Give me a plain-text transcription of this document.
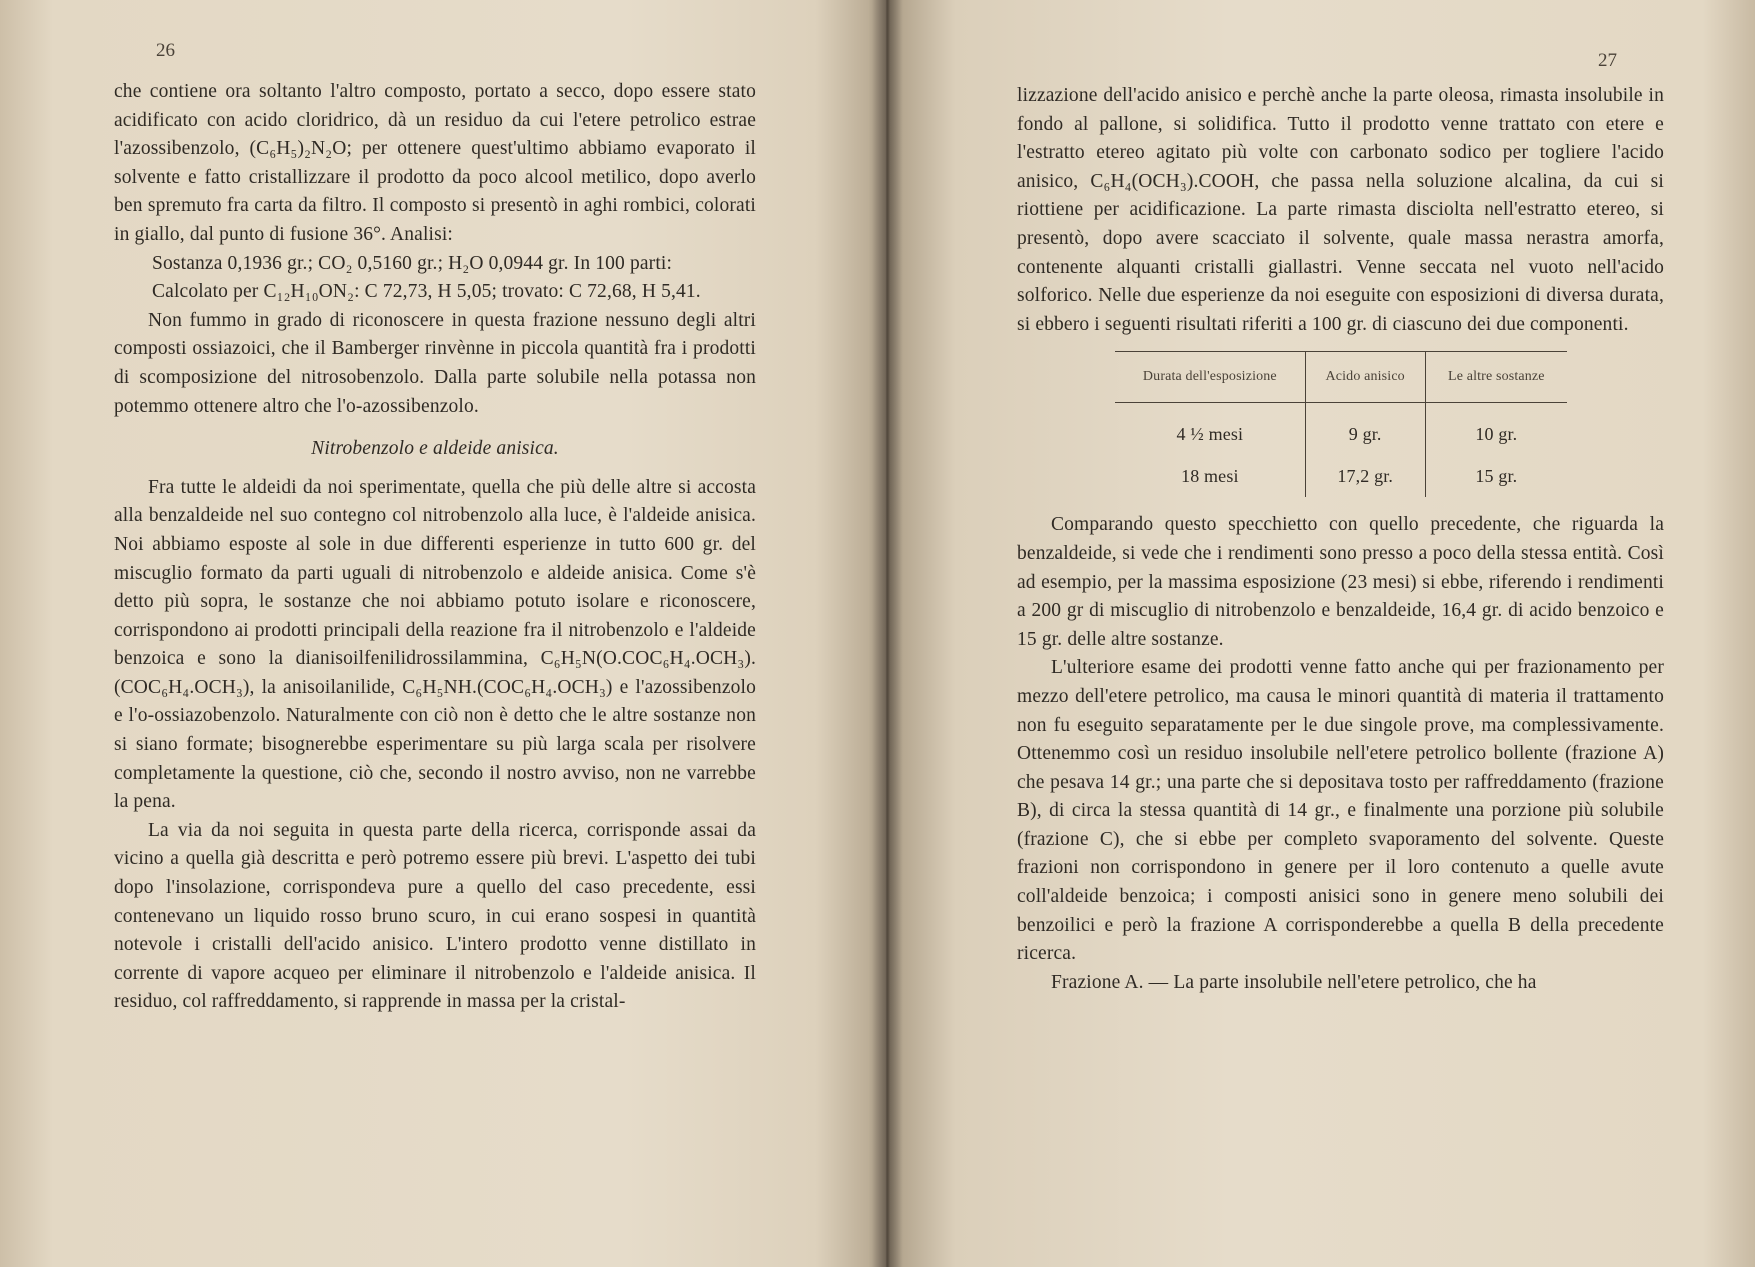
26

che contiene ora soltanto l'altro composto, portato a secco, dopo essere stato acidificato con acido cloridrico, dà un residuo da cui l'etere petrolico estrae l'azossibenzolo, (C₆H₅)₂N₂O; per ottenere quest'ultimo abbiamo evaporato il solvente e fatto cristallizzare il prodotto da poco alcool metilico, dopo averlo ben spremuto fra carta da filtro. Il composto si presentò in aghi rombici, colorati in giallo, dal punto di fusione 36°. Analisi:

Sostanza 0,1936 gr.; CO₂ 0,5160 gr.; H₂O 0,0944 gr. In 100 parti:

Calcolato per C₁₂H₁₀ON₂: C 72,73, H 5,05; trovato: C 72,68, H 5,41.

Non fummo in grado di riconoscere in questa frazione nessuno degli altri composti ossiazoici, che il Bamberger rinvènne in piccola quantità fra i prodotti di scomposizione del nitrosobenzolo. Dalla parte solubile nella potassa non potemmo ottenere altro che l'o-azossibenzolo.

Nitrobenzolo e aldeide anisica.

Fra tutte le aldeidi da noi sperimentate, quella che più delle altre si accosta alla benzaldeide nel suo contegno col nitrobenzolo alla luce, è l'aldeide anisica. Noi abbiamo esposte al sole in due differenti esperienze in tutto 600 gr. del miscuglio formato da parti uguali di nitrobenzolo e aldeide anisica. Come s'è detto più sopra, le sostanze che noi abbiamo potuto isolare e riconoscere, corrispondono ai prodotti principali della reazione fra il nitrobenzolo e l'aldeide benzoica e sono la dianisoilfenilidrossilammina, C₆H₅N(O.COC₆H₄.OCH₃).(COC₆H₄.OCH₃), la anisoilanilide, C₆H₅NH.(COC₆H₄.OCH₃) e l'azossibenzolo e l'o-ossiazobenzolo. Naturalmente con ciò non è detto che le altre sostanze non si siano formate; bisognerebbe esperimentare su più larga scala per risolvere completamente la questione, ciò che, secondo il nostro avviso, non ne varrebbe la pena.

La via da noi seguita in questa parte della ricerca, corrisponde assai da vicino a quella già descritta e però potremo essere più brevi. L'aspetto dei tubi dopo l'insolazione, corrispondeva pure a quello del caso precedente, essi contenevano un liquido rosso bruno scuro, in cui erano sospesi in quantità notevole i cristalli dell'acido anisico. L'intero prodotto venne distillato in corrente di vapore acqueo per eliminare il nitrobenzolo e l'aldeide anisica. Il residuo, col raffreddamento, si rapprende in massa per la cristal-

27

lizzazione dell'acido anisico e perchè anche la parte oleosa, rimasta insolubile in fondo al pallone, si solidifica. Tutto il prodotto venne trattato con etere e l'estratto etereo agitato più volte con carbonato sodico per togliere l'acido anisico, C₆H₄(OCH₃).COOH, che passa nella soluzione alcalina, da cui si riottiene per acidificazione. La parte rimasta disciolta nell'estratto etereo, si presentò, dopo avere scacciato il solvente, quale massa nerastra amorfa, contenente alquanti cristalli giallastri. Venne seccata nel vuoto nell'acido solforico. Nelle due esperienze da noi eseguite con esposizioni di diversa durata, si ebbero i seguenti risultati riferiti a 100 gr. di ciascuno dei due componenti.

Durata dell'esposizione	Acido anisico	Le altre sostanze
4 ½ mesi	9 gr.	10 gr.
18 mesi	17,2 gr.	15 gr.

Comparando questo specchietto con quello precedente, che riguarda la benzaldeide, si vede che i rendimenti sono presso a poco della stessa entità. Così ad esempio, per la massima esposizione (23 mesi) si ebbe, riferendo i rendimenti a 200 gr di miscuglio di nitrobenzolo e benzaldeide, 16,4 gr. di acido benzoico e 15 gr. delle altre sostanze.

L'ulteriore esame dei prodotti venne fatto anche qui per frazionamento per mezzo dell'etere petrolico, ma causa le minori quantità di materia il trattamento non fu eseguito separatamente per le due singole prove, ma complessivamente. Ottenemmo così un residuo insolubile nell'etere petrolico bollente (frazione A) che pesava 14 gr.; una parte che si depositava tosto per raffreddamento (frazione B), di circa la stessa quantità di 14 gr., e finalmente una porzione più solubile (frazione C), che si ebbe per completo svaporamento del solvente. Queste frazioni non corrispondono in genere per il loro contenuto a quelle avute coll'aldeide benzoica; i composti anisici sono in genere meno solubili dei benzoilici e però la frazione A corrisponderebbe a quella B della precedente ricerca.

Frazione A. — La parte insolubile nell'etere petrolico, che ha
